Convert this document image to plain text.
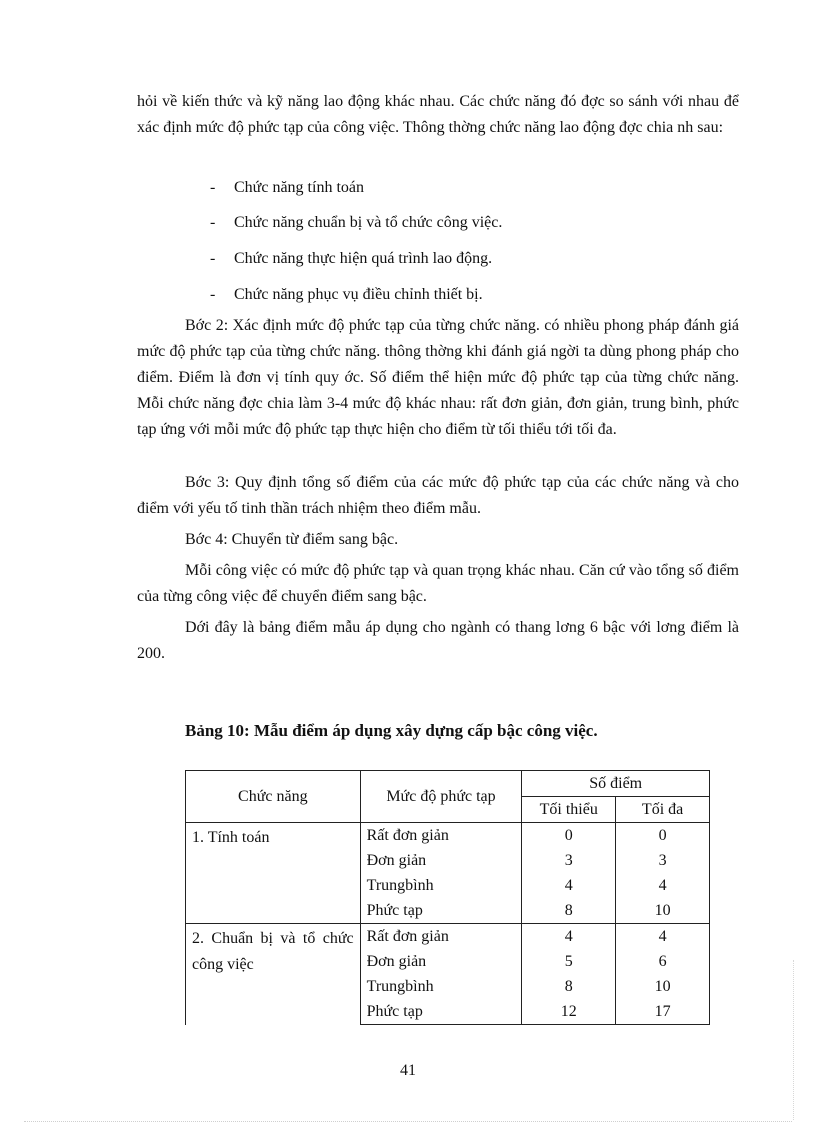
hỏi về kiến thức và kỹ năng lao động khác nhau. Các chức năng đó đợc so sánh với nhau để xác định mức độ phức tạp của công việc. Thông thờng chức năng lao động đợc chia nh sau:

- Chức năng tính toán
- Chức năng chuẩn bị và tổ chức công việc.
- Chức năng thực hiện quá trình lao động.
- Chức năng phục vụ điều chỉnh thiết bị.

Bớc 2: Xác định mức độ phức tạp của từng chức năng. có nhiều phong pháp đánh giá mức độ phức tạp của từng chức năng. thông thờng khi đánh giá ngời ta dùng phong pháp cho điểm. Điểm là đơn vị tính quy ớc. Số điểm thể hiện mức độ phức tạp của từng chức năng. Mỗi chức năng đợc chia làm 3-4 mức độ khác nhau: rất đơn giản, đơn giản, trung bình, phức tạp ứng với mỗi mức độ phức tạp thực hiện cho điểm từ tối thiểu tới tối đa.

Bớc 3: Quy định tổng số điểm của các mức độ phức tạp của các chức năng và cho điểm với yếu tố tinh thần trách nhiệm theo điểm mẫu.

Bớc 4: Chuyển từ điểm sang bậc.

Mỗi công việc có mức độ phức tạp và quan trọng khác nhau. Căn cứ vào tổng số điểm của từng công việc để chuyển điểm sang bậc.

Dới đây là bảng điểm mẫu áp dụng cho ngành có thang lơng 6 bậc với lơng điểm là 200.

Bảng 10: Mẫu điểm áp dụng xây dựng cấp bậc công việc.
Chức năng	Mức độ phức tạp	Số điểm	
		Tối thiểu	Tối đa
1. Tính toán	Rất đơn giản	0	0
	Đơn giản	3	3
	Trungbình	4	4
	Phức tạp	8	10
2. Chuẩn bị và tổ chức công việc	Rất đơn giản	4	4
	Đơn giản	5	6
	Trungbình	8	10
	Phức tạp	12	17
41
